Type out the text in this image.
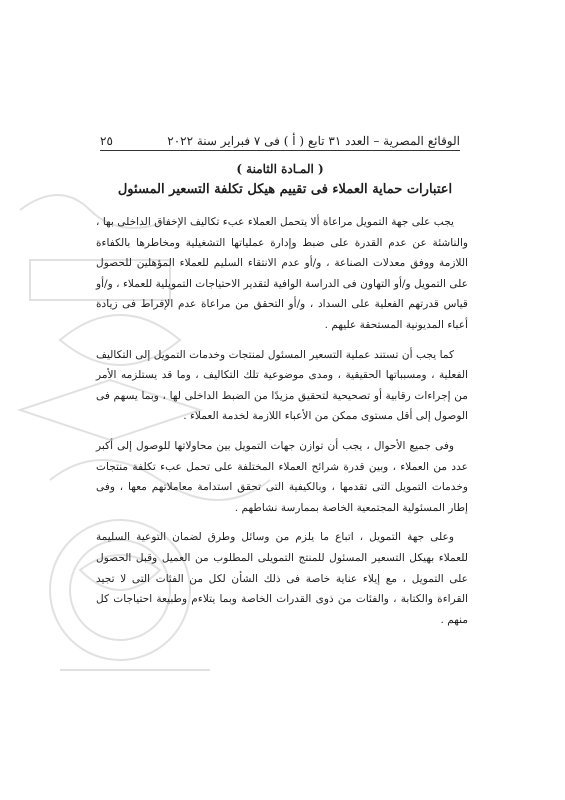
الوقائع المصرية – العدد ٣١ تابع ( أ ) فى ٧ فبراير سنة ٢٠٢٢
٢٥
( المـادة الثامنة )
اعتبارات حماية العملاء فى تقييم هيكل تكلفة التسعير المسئول

يجب على جهة التمويل مراعاة ألا يتحمل العملاء عبء تكاليف الإخفاق الداخلى بها ، والناشئة عن عدم القدرة على ضبط وإدارة عملياتها التشغيلية ومخاطرها بالكفاءة اللازمة ووفق معدلات الصناعة ، و/أو عدم الانتقاء السليم للعملاء المؤهلين للحصول على التمويل و/أو التهاون فى الدراسة الوافية لتقدير الاحتياجات التمويلية للعملاء ، و/أو قياس قدرتهم الفعلية على السداد ، و/أو التحقق من مراعاة عدم الإفراط فى زيادة أعباء المديونية المستحقة عليهم .

كما يجب أن تستند عملية التسعير المسئول لمنتجات وخدمات التمويل إلى التكاليف الفعلية ، ومسبباتها الحقيقية ، ومدى موضوعية تلك التكاليف ، وما قد يستلزمه الأمر من إجراءات رقابية أو تصحيحية لتحقيق مزيدًا من الضبط الداخلى لها ، وبما يسهم فى الوصول إلى أقل مستوى ممكن من الأعباء اللازمة لخدمة العملاء .

وفى جميع الأحوال ، يجب أن توازن جهات التمويل بين محاولاتها للوصول إلى أكبر عدد من العملاء ، وبين قدرة شرائح العملاء المختلفة على تحمل عبء تكلفة منتجات وخدمات التمويل التى تقدمها ، وبالكيفية التى تحقق استدامة معاملاتهم معها ، وفى إطار المسئولية المجتمعية الخاصة بممارسة نشاطهم .

وعلى جهة التمويل ، اتباع ما يلزم من وسائل وطرق لضمان التوعية السليمة للعملاء بهيكل التسعير المسئول للمنتج التمويلى المطلوب من العميل وقبل الحصول على التمويل ، مع إيلاء عناية خاصة فى ذلك الشأن لكل من الفئات التى لا تجيد القراءة والكتابة ، والفئات من ذوى القدرات الخاصة وبما يتلاءم وطبيعة احتياجات كل منهم .
